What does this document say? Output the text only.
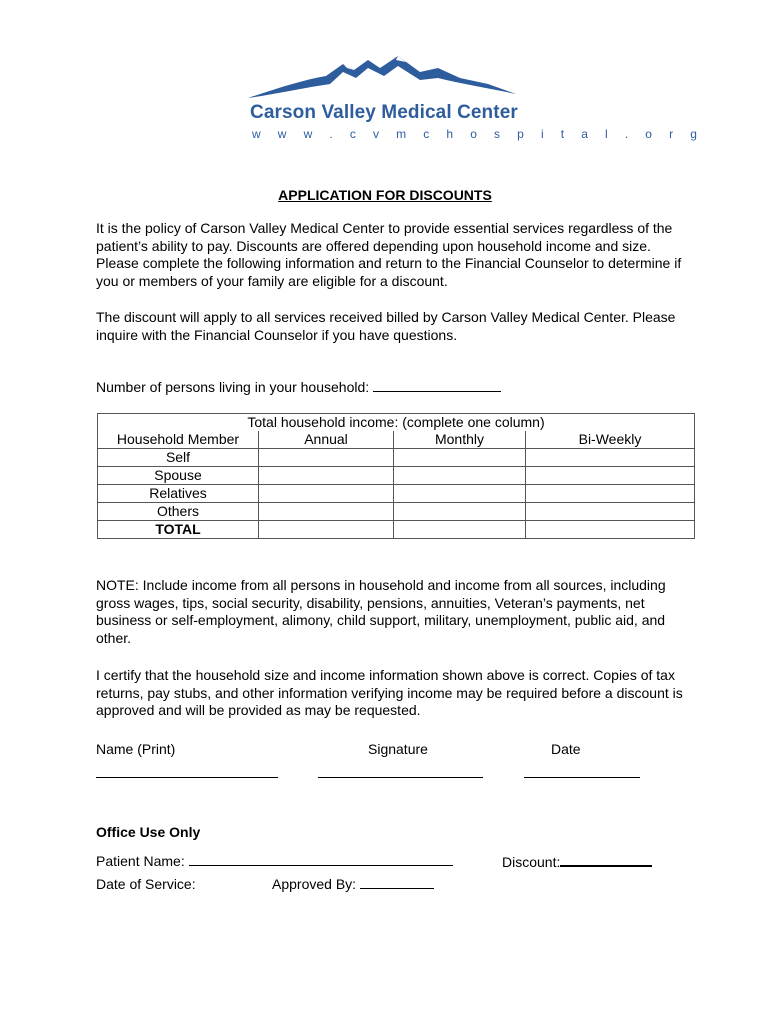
Carson Valley Medical Center
w w w . c v m c h o s p i t a l . o r g
APPLICATION FOR DISCOUNTS
It is the policy of Carson Valley Medical Center to provide essential services regardless of the patient’s ability to pay. Discounts are offered depending upon household income and size. Please complete the following information and return to the Financial Counselor to determine if you or members of your family are eligible for a discount.
The discount will apply to all services received billed by Carson Valley Medical Center. Please inquire with the Financial Counselor if you have questions.
Number of persons living in your household:
Total household income: (complete one column)			
Household Member	Annual	Monthly	Bi-Weekly
Self			
Spouse			
Relatives			
Others			
TOTAL			
NOTE: Include income from all persons in household and income from all sources, including gross wages, tips, social security, disability, pensions, annuities, Veteran’s payments, net business or self-employment, alimony, child support, military, unemployment, public aid, and other.
I certify that the household size and income information shown above is correct. Copies of tax returns, pay stubs, and other information verifying income may be required before a discount is approved and will be provided as may be requested.
Name (Print)	Signature	Date
Office Use Only
Patient Name:	Discount:
Date of Service:	Approved By:
